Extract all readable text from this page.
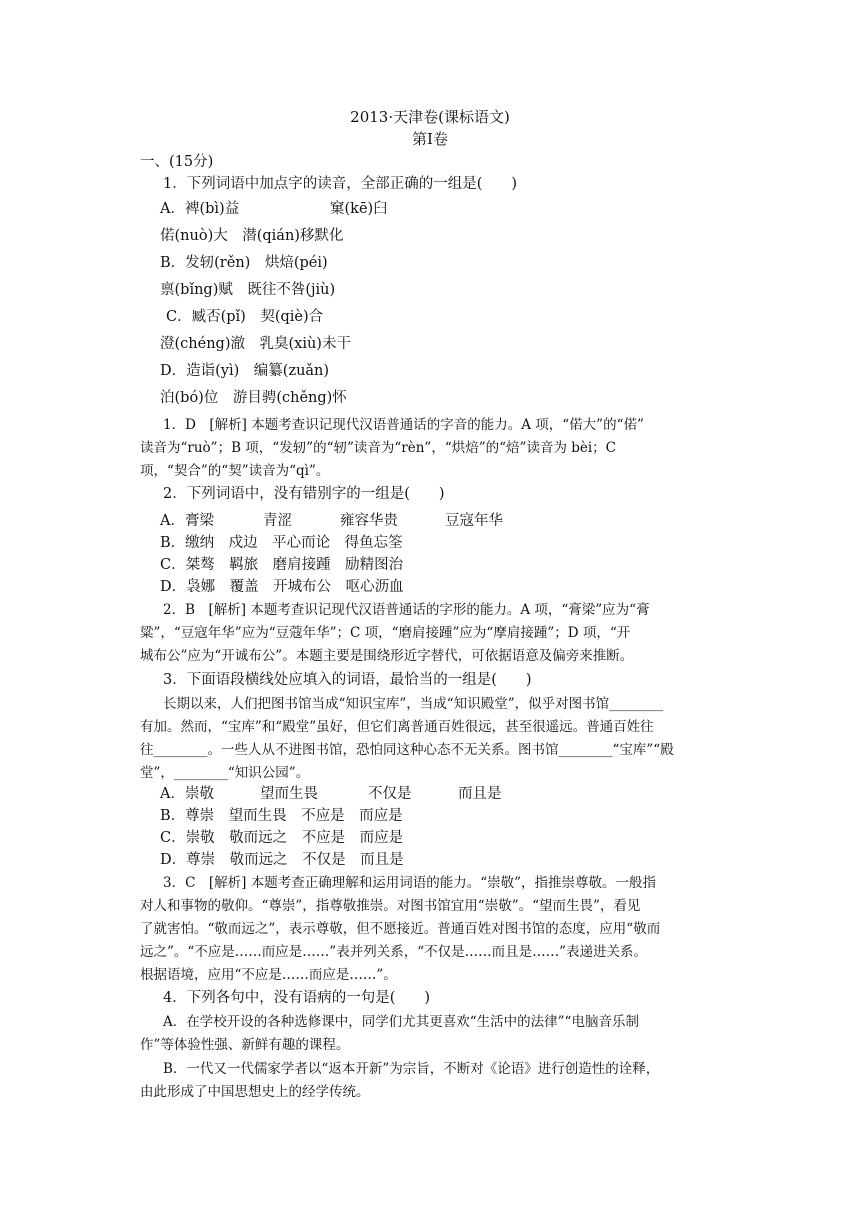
2013·天津卷(课标语文)
第Ⅰ卷
一、(15分)
1．下列词语中加点字的读音，全部正确的一组是(　　)
A．裨(bì)益	窠(kē)臼
偌(nuò)大　 潜(qián)移默化
B．发轫(rěn)　 烘焙(péi)
禀(bǐng)赋　 既往不咎(jiù)
C．臧否(pǐ)　 契(qiè)合
澄(chéng)澈　 乳臭(xiù)未干
D．造诣(yì)　 编纂(zuǎn)
泊(bó)位　 游目骋(chěng)怀
1．D　[解析] 本题考查识记现代汉语普通话的字音的能力。A 项，“偌大”的“偌”
读音为“ruò”；B 项，“发轫”的“轫”读音为“rèn”，“烘焙”的“焙”读音为 bèi；C
项，“契合”的“契”读音为“qì”。
2．下列词语中，没有错别字的一组是(　　)
A．膏梁	青涩	雍容华贵	豆寇年华
B．缴纳　 戍边　 平心而论　 得鱼忘筌
C．桀骜　 羁旅　 磨肩接踵　 励精图治
D．袅娜　 覆盖　 开城布公　 呕心沥血
2．B　[解析] 本题考查识记现代汉语普通话的字形的能力。A 项，“膏梁”应为“膏
粱”，“豆寇年华”应为“豆蔻年华”；C 项，“磨肩接踵”应为“摩肩接踵”；D 项，“开
城布公”应为“开诚布公”。本题主要是围绕形近字替代，可依据语意及偏旁来推断。
3．下面语段横线处应填入的词语，最恰当的一组是(　　)
长期以来，人们把图书馆当成“知识宝库”，当成“知识殿堂”，似乎对图书馆________
有加。然而，“宝库”和“殿堂”虽好，但它们离普通百姓很远，甚至很遥远。普通百姓往
往________。一些人从不进图书馆，恐怕同这种心态不无关系。图书馆________“宝库”“殿
堂”，________“知识公园”。
A．崇敬	望而生畏	不仅是	而且是
B．尊崇　 望而生畏　 不应是　 而应是
C．崇敬　 敬而远之　 不应是　 而应是
D．尊崇　 敬而远之　 不仅是　 而且是
3．C　[解析] 本题考查正确理解和运用词语的能力。“崇敬”，指推崇尊敬。一般指
对人和事物的敬仰。“尊崇”，指尊敬推崇。对图书馆宜用“崇敬”。“望而生畏”，看见
了就害怕。“敬而远之”，表示尊敬，但不愿接近。普通百姓对图书馆的态度，应用“敬而
远之”。“不应是……而应是……”表并列关系，“不仅是……而且是……”表递进关系。
根据语境，应用“不应是……而应是……”。
4．下列各句中，没有语病的一句是(　　)
A．在学校开设的各种选修课中，同学们尤其更喜欢“生活中的法律”“电脑音乐制
作”等体验性强、新鲜有趣的课程。
B．一代又一代儒家学者以“返本开新”为宗旨，不断对《论语》进行创造性的诠释，
由此形成了中国思想史上的经学传统。
